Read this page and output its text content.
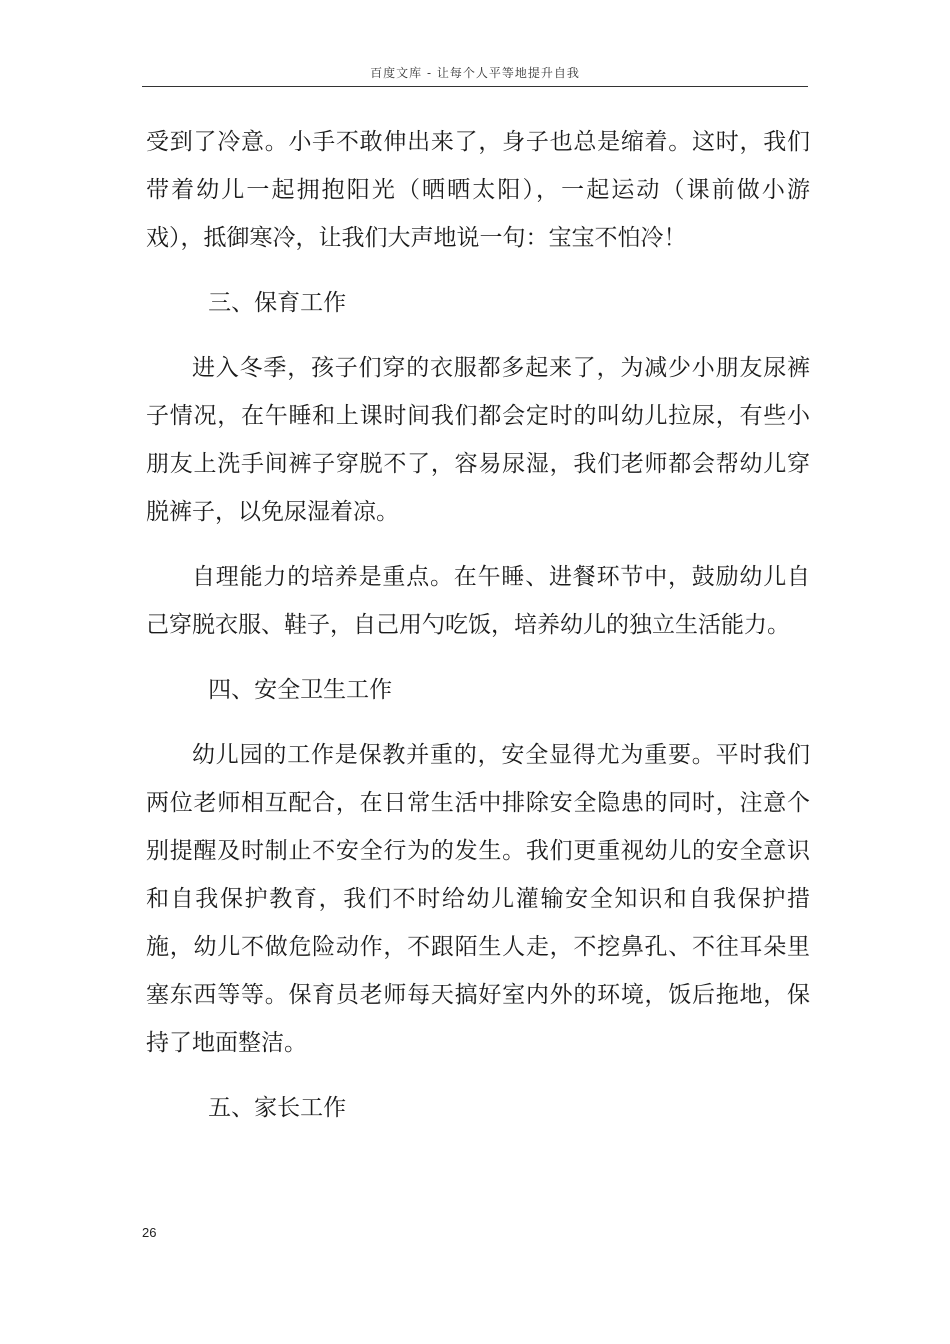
百度文库 - 让每个人平等地提升自我

受到了冷意。小手不敢伸出来了，身子也总是缩着。这时，我们带着幼儿一起拥抱阳光（晒晒太阳），一起运动（课前做小游戏），抵御寒冷，让我们大声地说一句：宝宝不怕冷！

三、保育工作

进入冬季，孩子们穿的衣服都多起来了，为减少小朋友尿裤子情况，在午睡和上课时间我们都会定时的叫幼儿拉尿，有些小朋友上洗手间裤子穿脱不了，容易尿湿，我们老师都会帮幼儿穿脱裤子，以免尿湿着凉。

自理能力的培养是重点。在午睡、进餐环节中，鼓励幼儿自己穿脱衣服、鞋子，自己用勺吃饭，培养幼儿的独立生活能力。

四、安全卫生工作

幼儿园的工作是保教并重的，安全显得尤为重要。平时我们两位老师相互配合，在日常生活中排除安全隐患的同时，注意个别提醒及时制止不安全行为的发生。我们更重视幼儿的安全意识和自我保护教育，我们不时给幼儿灌输安全知识和自我保护措施，幼儿不做危险动作，不跟陌生人走，不挖鼻孔、不往耳朵里塞东西等等。保育员老师每天搞好室内外的环境，饭后拖地，保持了地面整洁。

五、家长工作

26
